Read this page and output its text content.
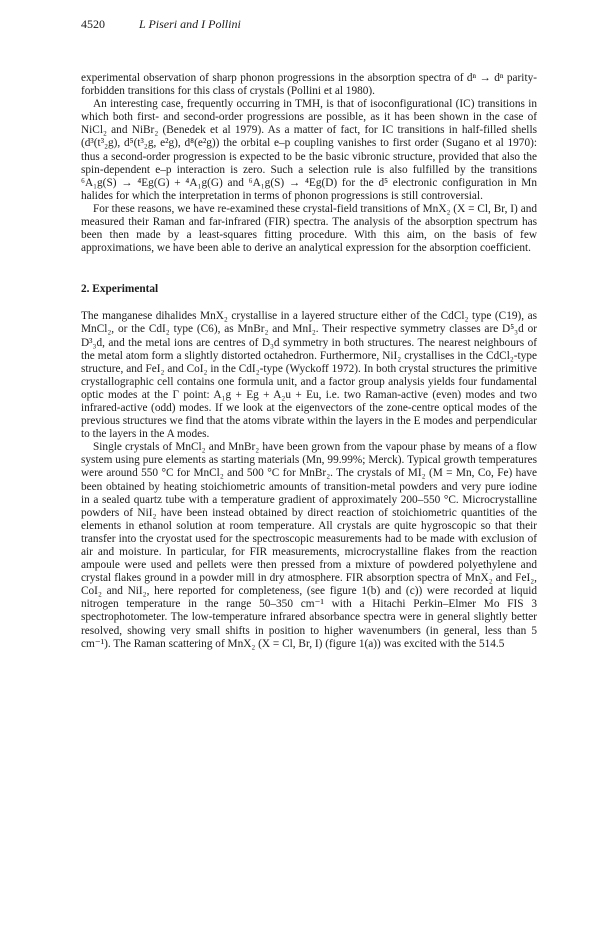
4520	L Piseri and I Pollini

experimental observation of sharp phonon progressions in the absorption spectra of dⁿ → dⁿ parity-forbidden transitions for this class of crystals (Pollini et al 1980).

An interesting case, frequently occurring in TMH, is that of isoconfigurational (IC) transitions in which both first- and second-order progressions are possible, as it has been shown in the case of NiCl₂ and NiBr₂ (Benedek et al 1979). As a matter of fact, for IC transitions in half-filled shells (d³(t³₂g), d⁵(t³₂g, e²g), d⁸(e²g)) the orbital e–p coupling vanishes to first order (Sugano et al 1970): thus a second-order progression is expected to be the basic vibronic structure, provided that also the spin-dependent e–p interaction is zero. Such a selection rule is also fulfilled by the transitions ⁶A₁g(S) → ⁴Eg(G) + ⁴A₁g(G) and ⁶A₁g(S) → ⁴Eg(D) for the d⁵ electronic configuration in Mn halides for which the interpretation in terms of phonon progressions is still controversial.

For these reasons, we have re-examined these crystal-field transitions of MnX₂ (X = Cl, Br, I) and measured their Raman and far-infrared (FIR) spectra. The analysis of the absorption spectrum has been then made by a least-squares fitting procedure. With this aim, on the basis of few approximations, we have been able to derive an analytical expression for the absorption coefficient.

2. Experimental

The manganese dihalides MnX₂ crystallise in a layered structure either of the CdCl₂ type (C19), as MnCl₂, or the CdI₂ type (C6), as MnBr₂ and MnI₂. Their respective symmetry classes are D⁵₃d or D³₃d, and the metal ions are centres of D₃d symmetry in both structures. The nearest neighbours of the metal atom form a slightly distorted octahedron. Furthermore, NiI₂ crystallises in the CdCl₂-type structure, and FeI₂ and CoI₂ in the CdI₂-type (Wyckoff 1972). In both crystal structures the primitive crystallographic cell contains one formula unit, and a factor group analysis yields four fundamental optic modes at the Γ point: A₁g + Eg + A₂u + Eu, i.e. two Raman-active (even) modes and two infrared-active (odd) modes. If we look at the eigenvectors of the zone-centre optical modes of the previous structures we find that the atoms vibrate within the layers in the E modes and perpendicular to the layers in the A modes.

Single crystals of MnCl₂ and MnBr₂ have been grown from the vapour phase by means of a flow system using pure elements as starting materials (Mn, 99.99%; Merck). Typical growth temperatures were around 550 °C for MnCl₂ and 500 °C for MnBr₂. The crystals of MI₂ (M = Mn, Co, Fe) have been obtained by heating stoichiometric amounts of transition-metal powders and very pure iodine in a sealed quartz tube with a temperature gradient of approximately 200–550 °C. Microcrystalline powders of NiI₂ have been instead obtained by direct reaction of stoichiometric quantities of the elements in ethanol solution at room temperature. All crystals are quite hygroscopic so that their transfer into the cryostat used for the spectroscopic measurements had to be made with exclusion of air and moisture. In particular, for FIR measurements, microcrystalline flakes from the reaction ampoule were used and pellets were then pressed from a mixture of powdered polyethylene and crystal flakes ground in a powder mill in dry atmosphere. FIR absorption spectra of MnX₂ and FeI₂, CoI₂ and NiI₂, here reported for completeness, (see figure 1(b) and (c)) were recorded at liquid nitrogen temperature in the range 50–350 cm⁻¹ with a Hitachi Perkin–Elmer Mo FIS 3 spectrophotometer. The low-temperature infrared absorbance spectra were in general slightly better resolved, showing very small shifts in position to higher wavenumbers (in general, less than 5 cm⁻¹). The Raman scattering of MnX₂ (X = Cl, Br, I) (figure 1(a)) was excited with the 514.5
